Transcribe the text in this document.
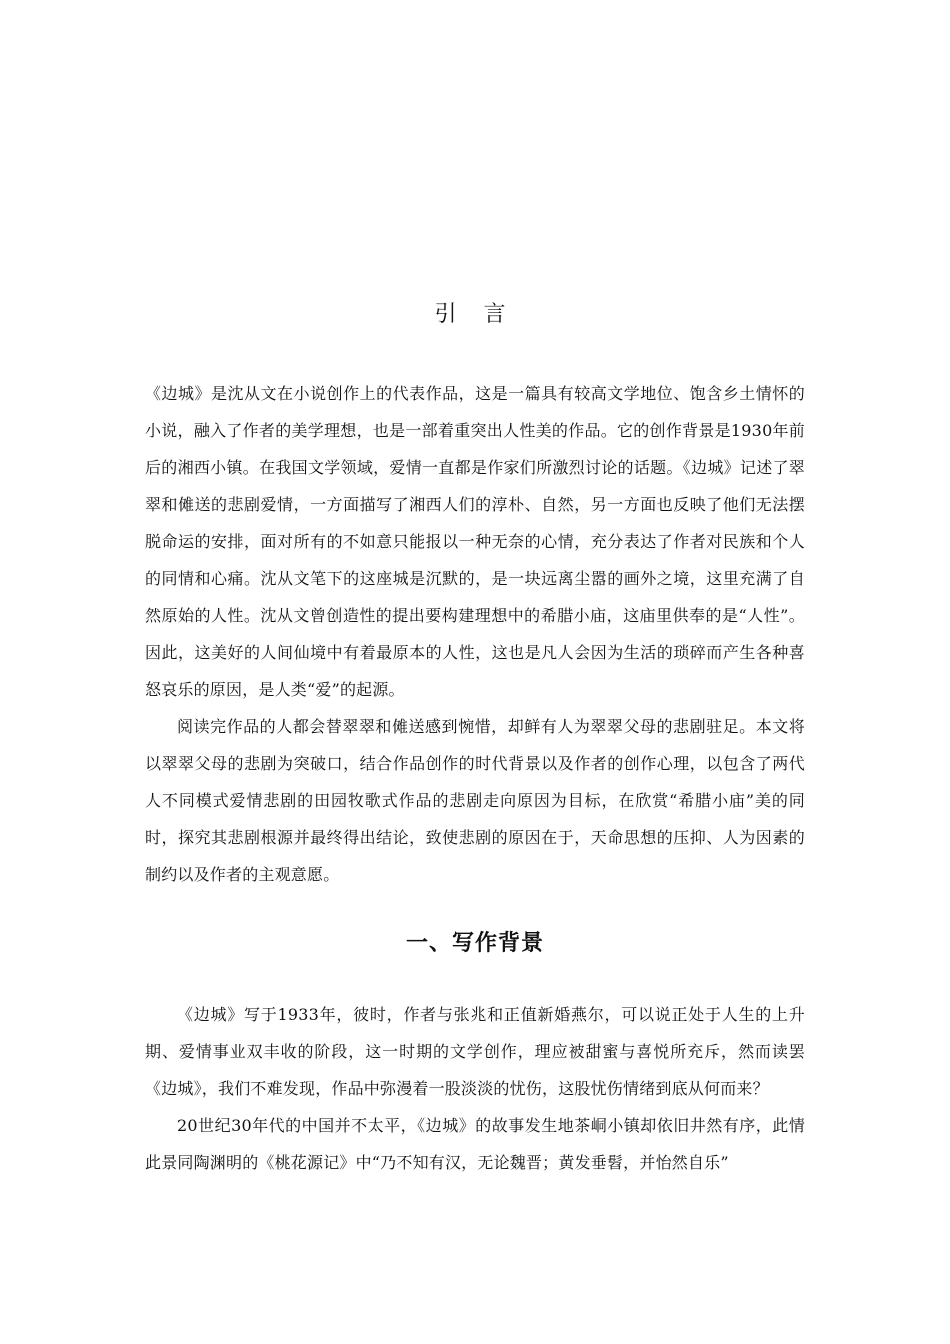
引 言

《边城》是沈从文在小说创作上的代表作品，这是一篇具有较高文学地位、饱含乡土情怀的小说，融入了作者的美学理想，也是一部着重突出人性美的作品。它的创作背景是1930年前后的湘西小镇。在我国文学领域，爱情一直都是作家们所激烈讨论的话题。《边城》记述了翠翠和傩送的悲剧爱情，一方面描写了湘西人们的淳朴、自然，另一方面也反映了他们无法摆脱命运的安排，面对所有的不如意只能报以一种无奈的心情，充分表达了作者对民族和个人的同情和心痛。沈从文笔下的这座城是沉默的，是一块远离尘嚣的画外之境，这里充满了自然原始的人性。沈从文曾创造性的提出要构建理想中的希腊小庙，这庙里供奉的是“人性”。因此，这美好的人间仙境中有着最原本的人性，这也是凡人会因为生活的琐碎而产生各种喜怒哀乐的原因，是人类“爱”的起源。

阅读完作品的人都会替翠翠和傩送感到惋惜，却鲜有人为翠翠父母的悲剧驻足。本文将以翠翠父母的悲剧为突破口，结合作品创作的时代背景以及作者的创作心理，以包含了两代人不同模式爱情悲剧的田园牧歌式作品的悲剧走向原因为目标，在欣赏“希腊小庙”美的同时，探究其悲剧根源并最终得出结论，致使悲剧的原因在于，天命思想的压抑、人为因素的制约以及作者的主观意愿。

一、写作背景

《边城》写于1933年，彼时，作者与张兆和正值新婚燕尔，可以说正处于人生的上升期、爱情事业双丰收的阶段，这一时期的文学创作，理应被甜蜜与喜悦所充斥，然而读罢《边城》，我们不难发现，作品中弥漫着一股淡淡的忧伤，这股忧伤情绪到底从何而来？

20世纪30年代的中国并不太平，《边城》的故事发生地茶峒小镇却依旧井然有序，此情此景同陶渊明的《桃花源记》中“乃不知有汉，无论魏晋；黄发垂髫，并怡然自乐”
